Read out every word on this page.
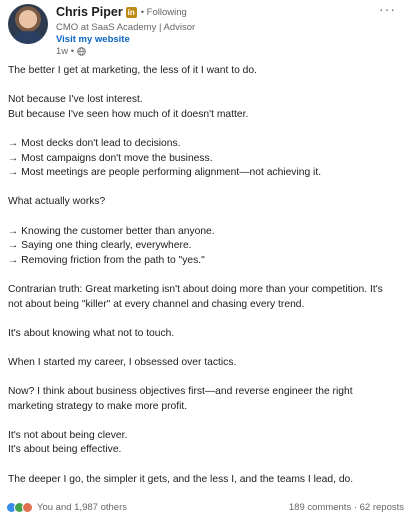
Chris Piper in • Following
CMO at SaaS Academy | Advisor
Visit my website
1w •
···

The better I get at marketing, the less of it I want to do.

Not because I've lost interest.
But because I've seen how much of it doesn't matter.

→ Most decks don't lead to decisions.
→ Most campaigns don't move the business.
→ Most meetings are people performing alignment—not achieving it.

What actually works?

→ Knowing the customer better than anyone.
→ Saying one thing clearly, everywhere.
→ Removing friction from the path to "yes."

Contrarian truth: Great marketing isn't about doing more than your competition. It's
not about being "killer" at every channel and chasing every trend.

It's about knowing what not to touch.

When I started my career, I obsessed over tactics.

Now? I think about business objectives first—and reverse engineer the right
marketing strategy to make more profit.

It's not about being clever.
It's about being effective.

The deeper I go, the simpler it gets, and the less I, and the teams I lead, do.

You and 1,987 others	189 comments · 62 reposts
